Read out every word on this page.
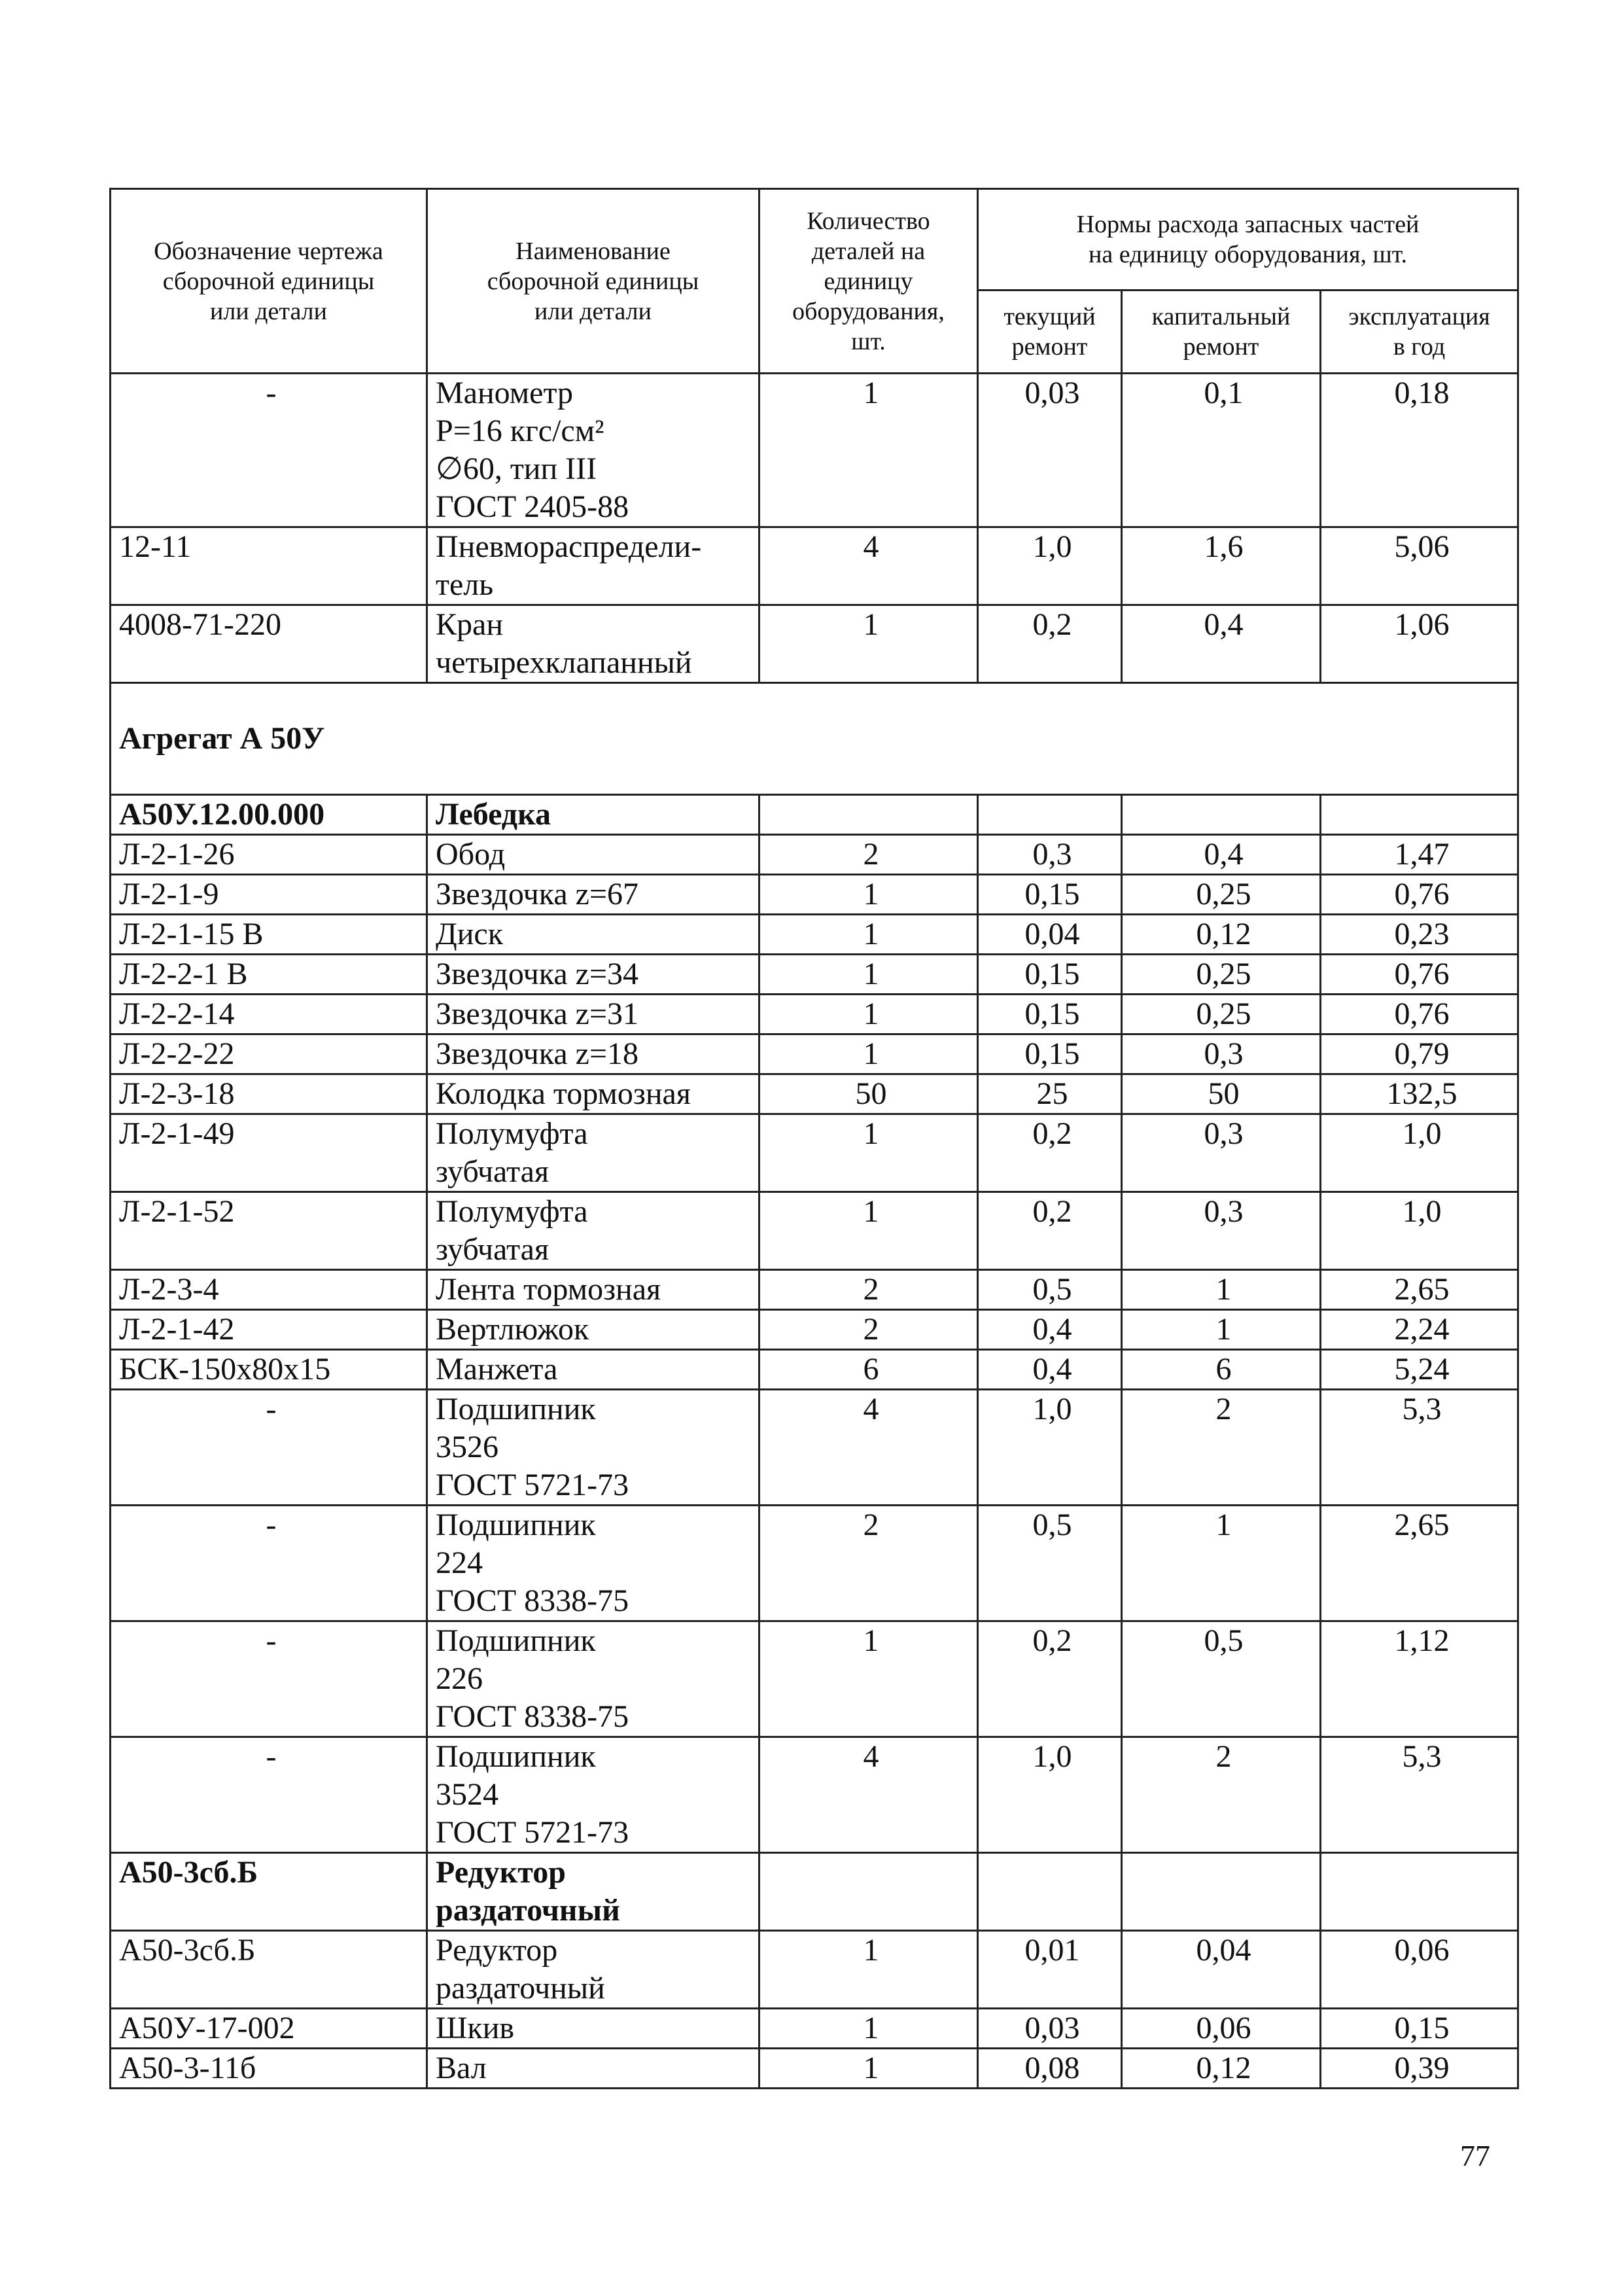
Обозначение чертежа
сборочной единицы
или детали	Наименование
сборочной единицы
или детали	Количество
деталей на
единицу
оборудования,
шт.	Нормы расхода запасных частей
на единицу оборудования, шт.		
			текущий
ремонт	капитальный
ремонт	эксплуатация
в год
-	Манометр
Р=16 кгс/см²
∅60, тип III
ГОСТ 2405-88	1	0,03	0,1	0,18
12-11	Пневмораспредели-
тель	4	1,0	1,6	5,06
4008-71-220	Кран
четырехклапанный	1	0,2	0,4	1,06
Агрегат А 50У					
А50У.12.00.000	Лебедка				
Л-2-1-26	Обод	2	0,3	0,4	1,47
Л-2-1-9	Звездочка z=67	1	0,15	0,25	0,76
Л-2-1-15 В	Диск	1	0,04	0,12	0,23
Л-2-2-1 В	Звездочка z=34	1	0,15	0,25	0,76
Л-2-2-14	Звездочка z=31	1	0,15	0,25	0,76
Л-2-2-22	Звездочка z=18	1	0,15	0,3	0,79
Л-2-3-18	Колодка тормозная	50	25	50	132,5
Л-2-1-49	Полумуфта
зубчатая	1	0,2	0,3	1,0
Л-2-1-52	Полумуфта
зубчатая	1	0,2	0,3	1,0
Л-2-3-4	Лента тормозная	2	0,5	1	2,65
Л-2-1-42	Вертлюжок	2	0,4	1	2,24
БСК-150х80х15	Манжета	6	0,4	6	5,24
-	Подшипник
3526
ГОСТ 5721-73	4	1,0	2	5,3
-	Подшипник
224
ГОСТ 8338-75	2	0,5	1	2,65
-	Подшипник
226
ГОСТ 8338-75	1	0,2	0,5	1,12
-	Подшипник
3524
ГОСТ 5721-73	4	1,0	2	5,3
А50-3сб.Б	Редуктор
раздаточный				
А50-3сб.Б	Редуктор
раздаточный	1	0,01	0,04	0,06
А50У-17-002	Шкив	1	0,03	0,06	0,15
А50-3-11б	Вал	1	0,08	0,12	0,39
77
